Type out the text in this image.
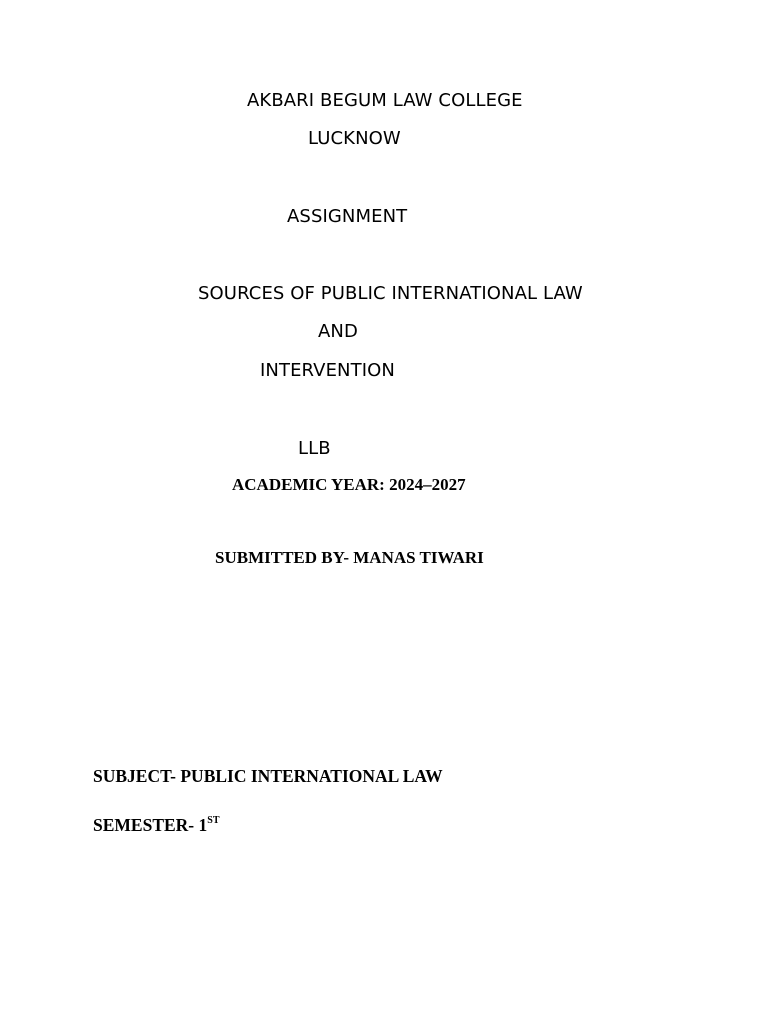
AKBARI BEGUM LAW COLLEGE
LUCKNOW
ASSIGNMENT
SOURCES OF PUBLIC INTERNATIONAL LAW
AND
INTERVENTION
LLB
ACADEMIC YEAR: 2024–2027
SUBMITTED BY- MANAS TIWARI
SUBJECT- PUBLIC INTERNATIONAL LAW
SEMESTER- 1ST
